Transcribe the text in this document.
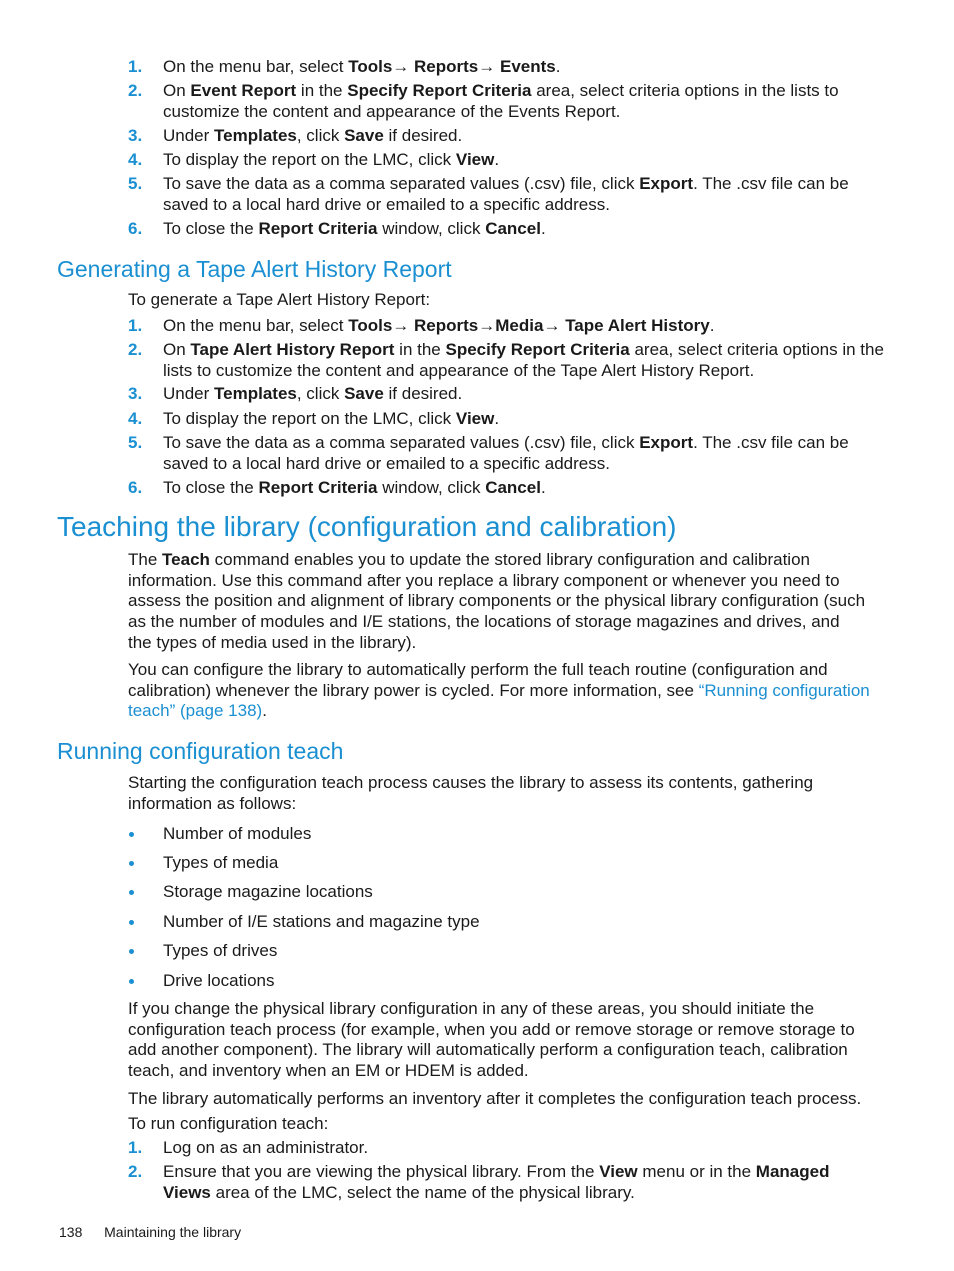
1. On the menu bar, select Tools→ Reports→ Events.
2. On Event Report in the Specify Report Criteria area, select criteria options in the lists to
customize the content and appearance of the Events Report.
3. Under Templates, click Save if desired.
4. To display the report on the LMC, click View.
5. To save the data as a comma separated values (.csv) file, click Export. The .csv file can be
saved to a local hard drive or emailed to a specific address.
6. To close the Report Criteria window, click Cancel.
Generating a Tape Alert History Report
To generate a Tape Alert History Report:
1. On the menu bar, select Tools→ Reports→Media→ Tape Alert History.
2. On Tape Alert History Report in the Specify Report Criteria area, select criteria options in the
lists to customize the content and appearance of the Tape Alert History Report.
3. Under Templates, click Save if desired.
4. To display the report on the LMC, click View.
5. To save the data as a comma separated values (.csv) file, click Export. The .csv file can be
saved to a local hard drive or emailed to a specific address.
6. To close the Report Criteria window, click Cancel.
Teaching the library (configuration and calibration)
The Teach command enables you to update the stored library configuration and calibration
information. Use this command after you replace a library component or whenever you need to
assess the position and alignment of library components or the physical library configuration (such
as the number of modules and I/E stations, the locations of storage magazines and drives, and
the types of media used in the library).
You can configure the library to automatically perform the full teach routine (configuration and
calibration) whenever the library power is cycled. For more information, see “Running configuration
teach” (page 138).
Running configuration teach
Starting the configuration teach process causes the library to assess its contents, gathering
information as follows:
Number of modules
Types of media
Storage magazine locations
Number of I/E stations and magazine type
Types of drives
Drive locations
If you change the physical library configuration in any of these areas, you should initiate the
configuration teach process (for example, when you add or remove storage or remove storage to
add another component). The library will automatically perform a configuration teach, calibration
teach, and inventory when an EM or HDEM is added.
The library automatically performs an inventory after it completes the configuration teach process.
To run configuration teach:
1. Log on as an administrator.
2. Ensure that you are viewing the physical library. From the View menu or in the Managed
Views area of the LMC, select the name of the physical library.
138 Maintaining the library
